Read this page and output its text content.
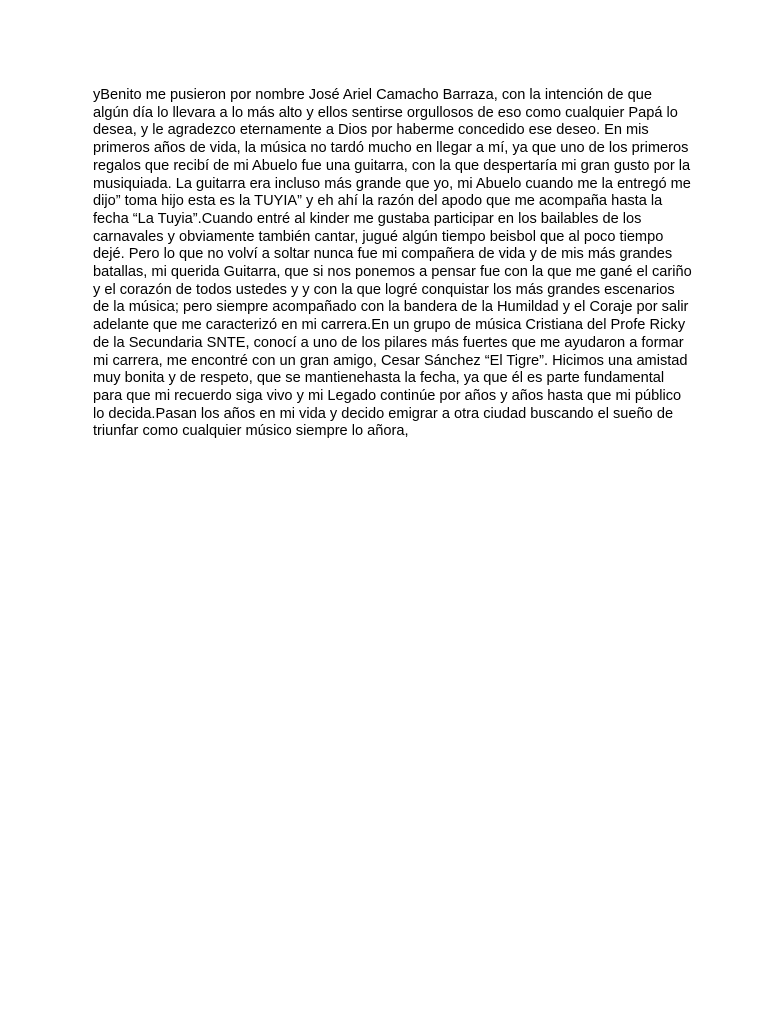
yBenito me pusieron por nombre José Ariel Camacho Barraza, con la intención de que
algún día lo llevara a lo más alto y ellos sentirse orgullosos de eso como cualquier Papá lo
desea, y le agradezco eternamente a Dios por haberme concedido ese deseo. En mis
primeros años de vida, la música no tardó mucho en llegar a mí, ya que uno de los primeros
regalos que recibí de mi Abuelo fue una guitarra, con la que despertaría mi gran gusto por la
musiquiada. La guitarra era incluso más grande que yo, mi Abuelo cuando me la entregó me
dijo” toma hijo esta es la TUYIA” y eh ahí la razón del apodo que me acompaña hasta la
fecha “La Tuyia”.Cuando entré al kinder me gustaba participar en los bailables de los
carnavales y obviamente también cantar, jugué algún tiempo beisbol que al poco tiempo
dejé. Pero lo que no volví a soltar nunca fue mi compañera de vida y de mis más grandes
batallas, mi querida Guitarra, que si nos ponemos a pensar fue con la que me gané el cariño
y el corazón de todos ustedes y y con la que logré conquistar los más grandes escenarios
de la música; pero siempre acompañado con la bandera de la Humildad y el Coraje por salir
adelante que me caracterizó en mi carrera.En un grupo de música Cristiana del Profe Ricky
de la Secundaria SNTE, conocí a uno de los pilares más fuertes que me ayudaron a formar
mi carrera, me encontré con un gran amigo, Cesar Sánchez “El Tigre”. Hicimos una amistad
muy bonita y de respeto, que se mantienehasta la fecha, ya que él es parte fundamental
para que mi recuerdo siga vivo y mi Legado continúe por años y años hasta que mi público
lo decida.Pasan los años en mi vida y decido emigrar a otra ciudad buscando el sueño de
triunfar como cualquier músico siempre lo añora,
